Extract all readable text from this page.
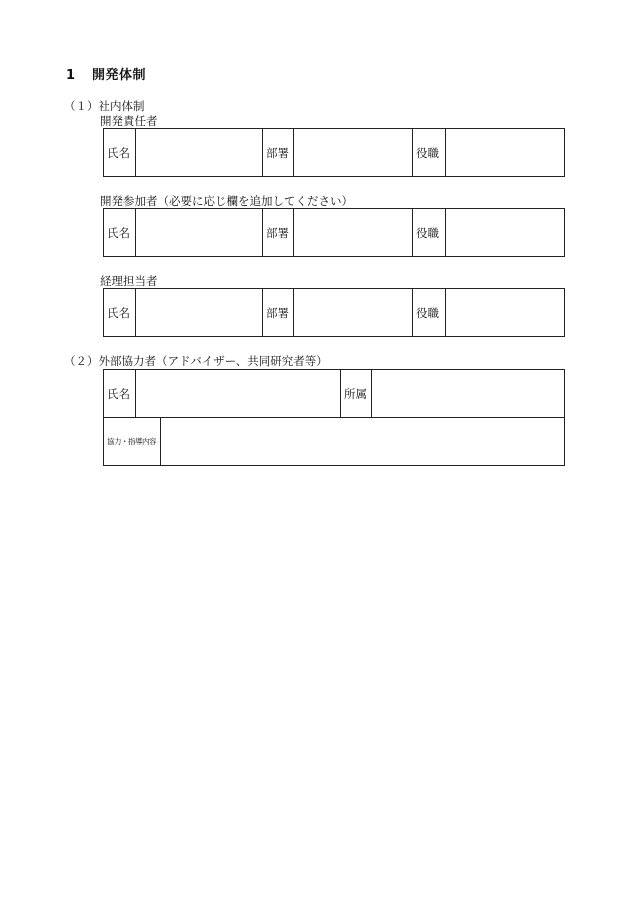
1 開発体制
（１）社内体制
開発責任者
氏名		部署		役職	
開発参加者（必要に応じ欄を追加してください）
氏名		部署		役職	
経理担当者
氏名		部署		役職	
（２）外部協力者（アドバイザー、共同研究者等）
氏名			所属	
協力・指導内容				
